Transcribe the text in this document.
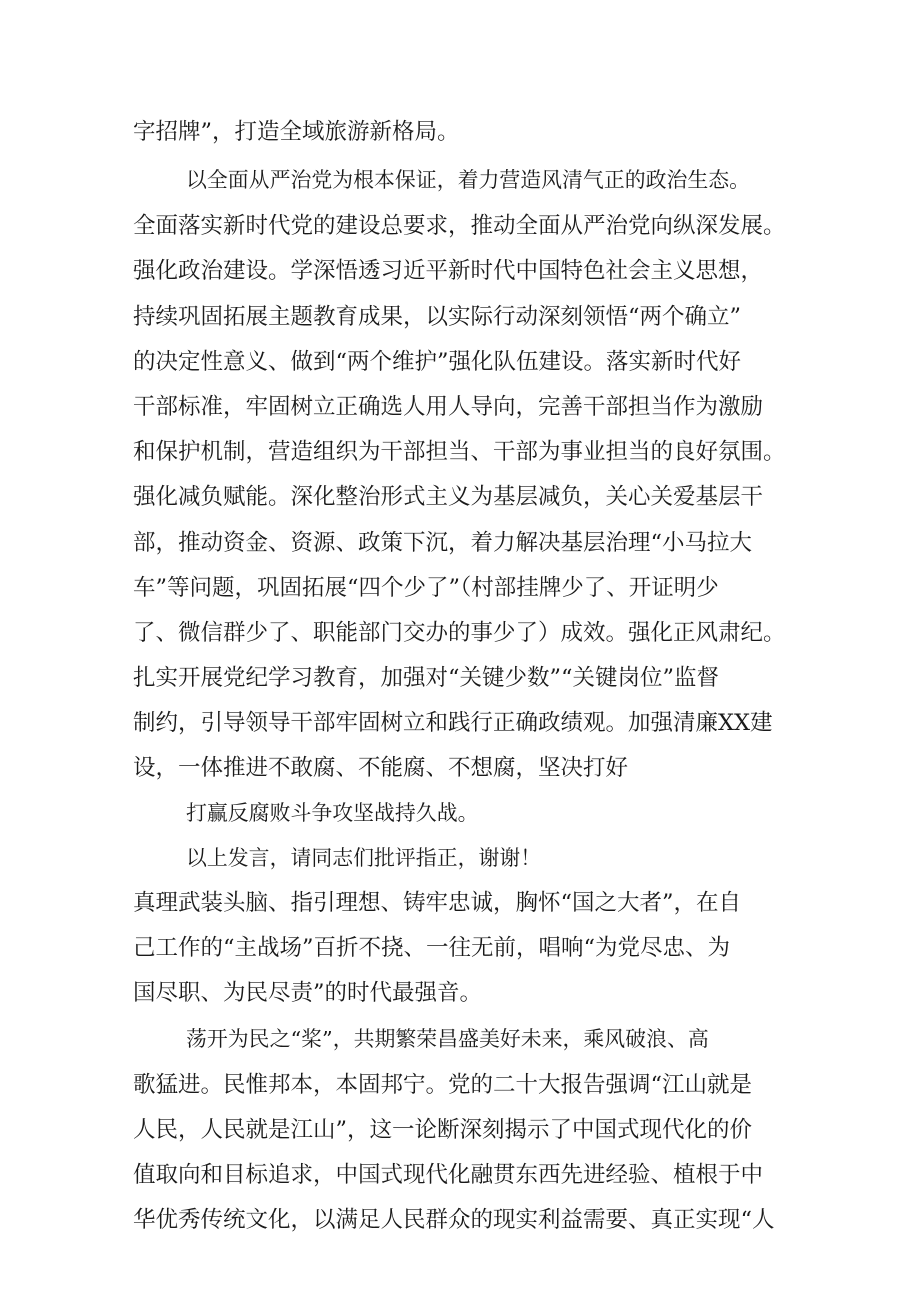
字招牌”，打造全域旅游新格局。
以全面从严治党为根本保证，着力营造风清气正的政治生态。
全面落实新时代党的建设总要求，推动全面从严治党向纵深发展。
强化政治建设。学深悟透习近平新时代中国特色社会主义思想，
持续巩固拓展主题教育成果，以实际行动深刻领悟“两个确立”
的决定性意义、做到“两个维护”强化队伍建设。落实新时代好
干部标准，牢固树立正确选人用人导向，完善干部担当作为激励
和保护机制，营造组织为干部担当、干部为事业担当的良好氛围。
强化减负赋能。深化整治形式主义为基层减负，关心关爱基层干
部，推动资金、资源、政策下沉，着力解决基层治理“小马拉大
车”等问题，巩固拓展“四个少了”（村部挂牌少了、开证明少
了、微信群少了、职能部门交办的事少了）成效。强化正风肃纪。
扎实开展党纪学习教育，加强对“关键少数”“关键岗位”监督
制约，引导领导干部牢固树立和践行正确政绩观。加强清廉XX建
设，一体推进不敢腐、不能腐、不想腐，坚决打好
打赢反腐败斗争攻坚战持久战。
以上发言，请同志们批评指正，谢谢！
真理武装头脑、指引理想、铸牢忠诚，胸怀“国之大者”，在自
己工作的“主战场”百折不挠、一往无前，唱响“为党尽忠、为
国尽职、为民尽责”的时代最强音。
荡开为民之“桨”，共期繁荣昌盛美好未来，乘风破浪、高
歌猛进。民惟邦本，本固邦宁。党的二十大报告强调“江山就是
人民，人民就是江山”，这一论断深刻揭示了中国式现代化的价
值取向和目标追求，中国式现代化融贯东西先进经验、植根于中
华优秀传统文化，以满足人民群众的现实利益需要、真正实现“人
